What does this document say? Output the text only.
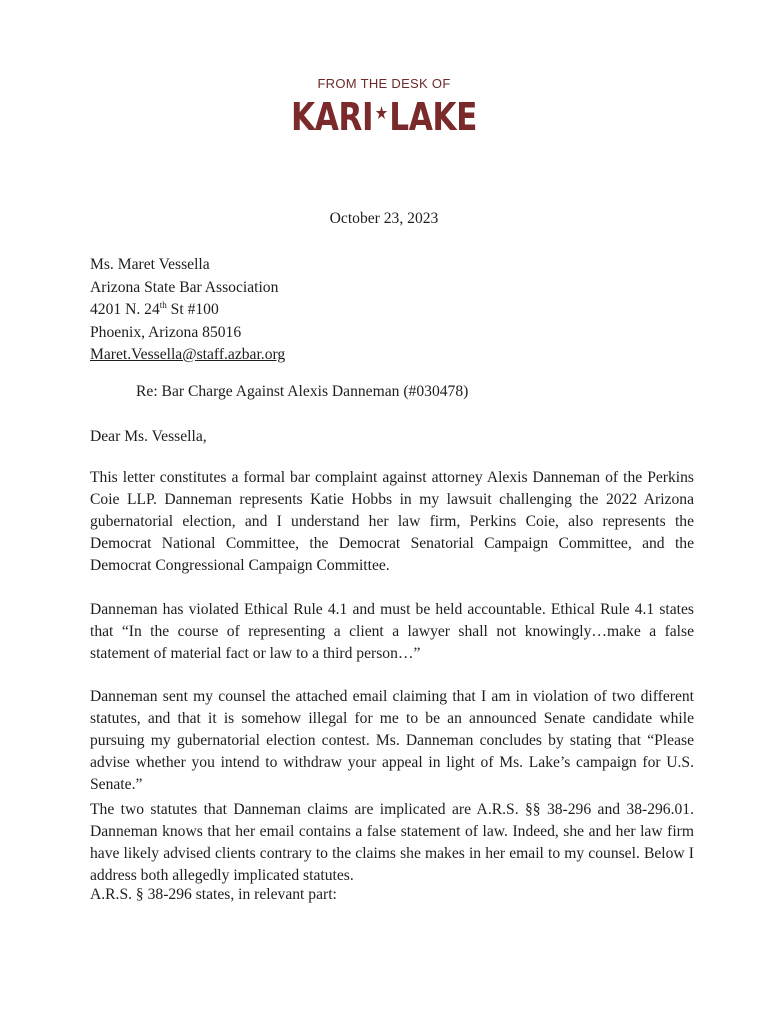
FROM THE DESK OF
KARI ★ LAKE
October 23, 2023
Ms. Maret Vessella
Arizona State Bar Association
4201 N. 24th St #100
Phoenix, Arizona 85016
Maret.Vessella@staff.azbar.org
Re: Bar Charge Against Alexis Danneman (#030478)
Dear Ms. Vessella,
This letter constitutes a formal bar complaint against attorney Alexis Danneman of the Perkins Coie LLP. Danneman represents Katie Hobbs in my lawsuit challenging the 2022 Arizona gubernatorial election, and I understand her law firm, Perkins Coie, also represents the Democrat National Committee, the Democrat Senatorial Campaign Committee, and the Democrat Congressional Campaign Committee.
Danneman has violated Ethical Rule 4.1 and must be held accountable. Ethical Rule 4.1 states that “In the course of representing a client a lawyer shall not knowingly…make a false statement of material fact or law to a third person…”
Danneman sent my counsel the attached email claiming that I am in violation of two different statutes, and that it is somehow illegal for me to be an announced Senate candidate while pursuing my gubernatorial election contest. Ms. Danneman concludes by stating that “Please advise whether you intend to withdraw your appeal in light of Ms. Lake’s campaign for U.S. Senate.”
The two statutes that Danneman claims are implicated are A.R.S. §§ 38-296 and 38-296.01. Danneman knows that her email contains a false statement of law. Indeed, she and her law firm have likely advised clients contrary to the claims she makes in her email to my counsel. Below I address both allegedly implicated statutes.
A.R.S. § 38-296 states, in relevant part:
